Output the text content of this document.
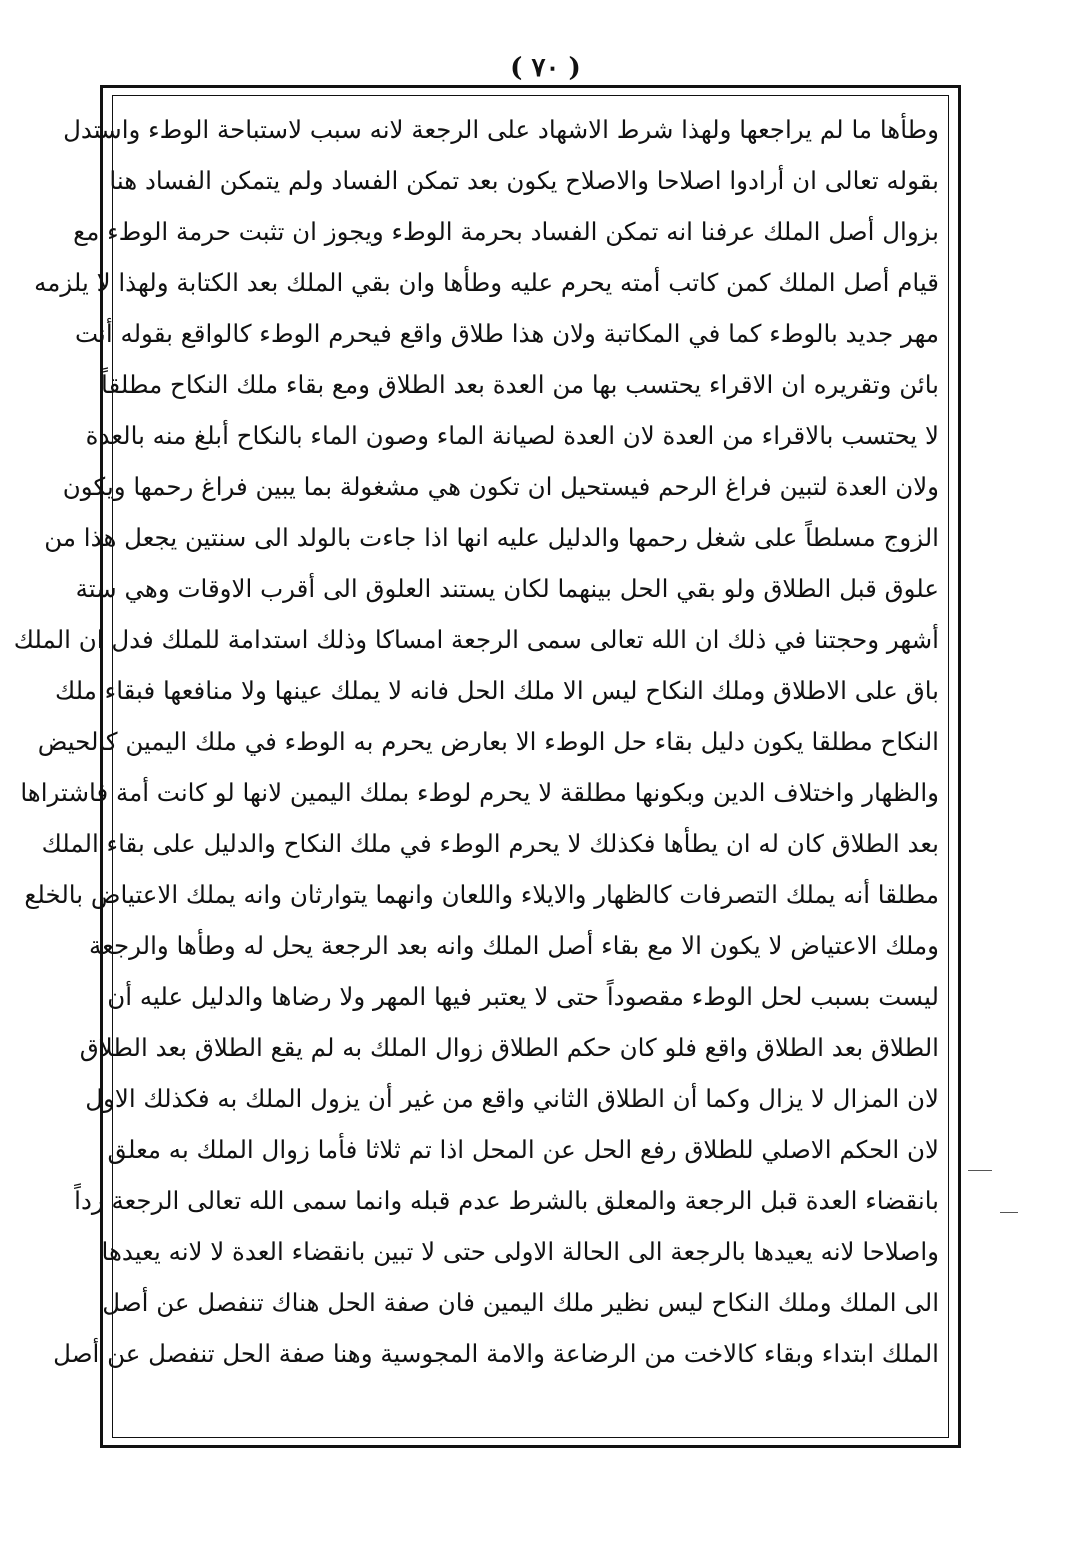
( ٧٠ )
وطأها ما لم يراجعها ولهذا شرط الاشهاد على الرجعة لانه سبب لاستباحة الوطء واستدل
بقوله تعالى ان أرادوا اصلاحا والاصلاح يكون بعد تمكن الفساد ولم يتمكن الفساد هنا
بزوال أصل الملك عرفنا انه تمكن الفساد بحرمة الوطء ويجوز ان تثبت حرمة الوطء مع
قيام أصل الملك كمن كاتب أمته يحرم عليه وطأها وان بقي الملك بعد الكتابة ولهذا لا يلزمه
مهر جديد بالوطء كما في المكاتبة ولان هذا طلاق واقع فيحرم الوطء كالواقع بقوله أنت
بائن وتقريره ان الاقراء يحتسب بها من العدة بعد الطلاق ومع بقاء ملك النكاح مطلقاً
لا يحتسب بالاقراء من العدة لان العدة لصيانة الماء وصون الماء بالنكاح أبلغ منه بالعدة
ولان العدة لتبين فراغ الرحم فيستحيل ان تكون هي مشغولة بما يبين فراغ رحمها ويكون
الزوج مسلطاً على شغل رحمها والدليل عليه انها اذا جاءت بالولد الى سنتين يجعل هذا من
علوق قبل الطلاق ولو بقي الحل بينهما لكان يستند العلوق الى أقرب الاوقات وهي ستة
أشهر وحجتنا في ذلك ان الله تعالى سمى الرجعة امساكا وذلك استدامة للملك فدل ان الملك
باق على الاطلاق وملك النكاح ليس الا ملك الحل فانه لا يملك عينها ولا منافعها فبقاء ملك
النكاح مطلقا يكون دليل بقاء حل الوطء الا بعارض يحرم به الوطء في ملك اليمين كالحيض
والظهار واختلاف الدين وبكونها مطلقة لا يحرم لوطء بملك اليمين لانها لو كانت أمة فاشتراها
بعد الطلاق كان له ان يطأها فكذلك لا يحرم الوطء في ملك النكاح والدليل على بقاء الملك
مطلقا أنه يملك التصرفات كالظهار والايلاء واللعان وانهما يتوارثان وانه يملك الاعتياض بالخلع
وملك الاعتياض لا يكون الا مع بقاء أصل الملك وانه بعد الرجعة يحل له وطأها والرجعة
ليست بسبب لحل الوطء مقصوداً حتى لا يعتبر فيها المهر ولا رضاها والدليل عليه أن
الطلاق بعد الطلاق واقع فلو كان حكم الطلاق زوال الملك به لم يقع الطلاق بعد الطلاق
لان المزال لا يزال وكما أن الطلاق الثاني واقع من غير أن يزول الملك به فكذلك الاول
لان الحكم الاصلي للطلاق رفع الحل عن المحل اذا تم ثلاثا فأما زوال الملك به معلق
بانقضاء العدة قبل الرجعة والمعلق بالشرط عدم قبله وانما سمى الله تعالى الرجعة رداً
واصلاحا لانه يعيدها بالرجعة الى الحالة الاولى حتى لا تبين بانقضاء العدة لا لانه يعيدها
الى الملك وملك النكاح ليس نظير ملك اليمين فان صفة الحل هناك تنفصل عن أصل
الملك ابتداء وبقاء كالاخت من الرضاعة والامة المجوسية وهنا صفة الحل تنفصل عن أصل
